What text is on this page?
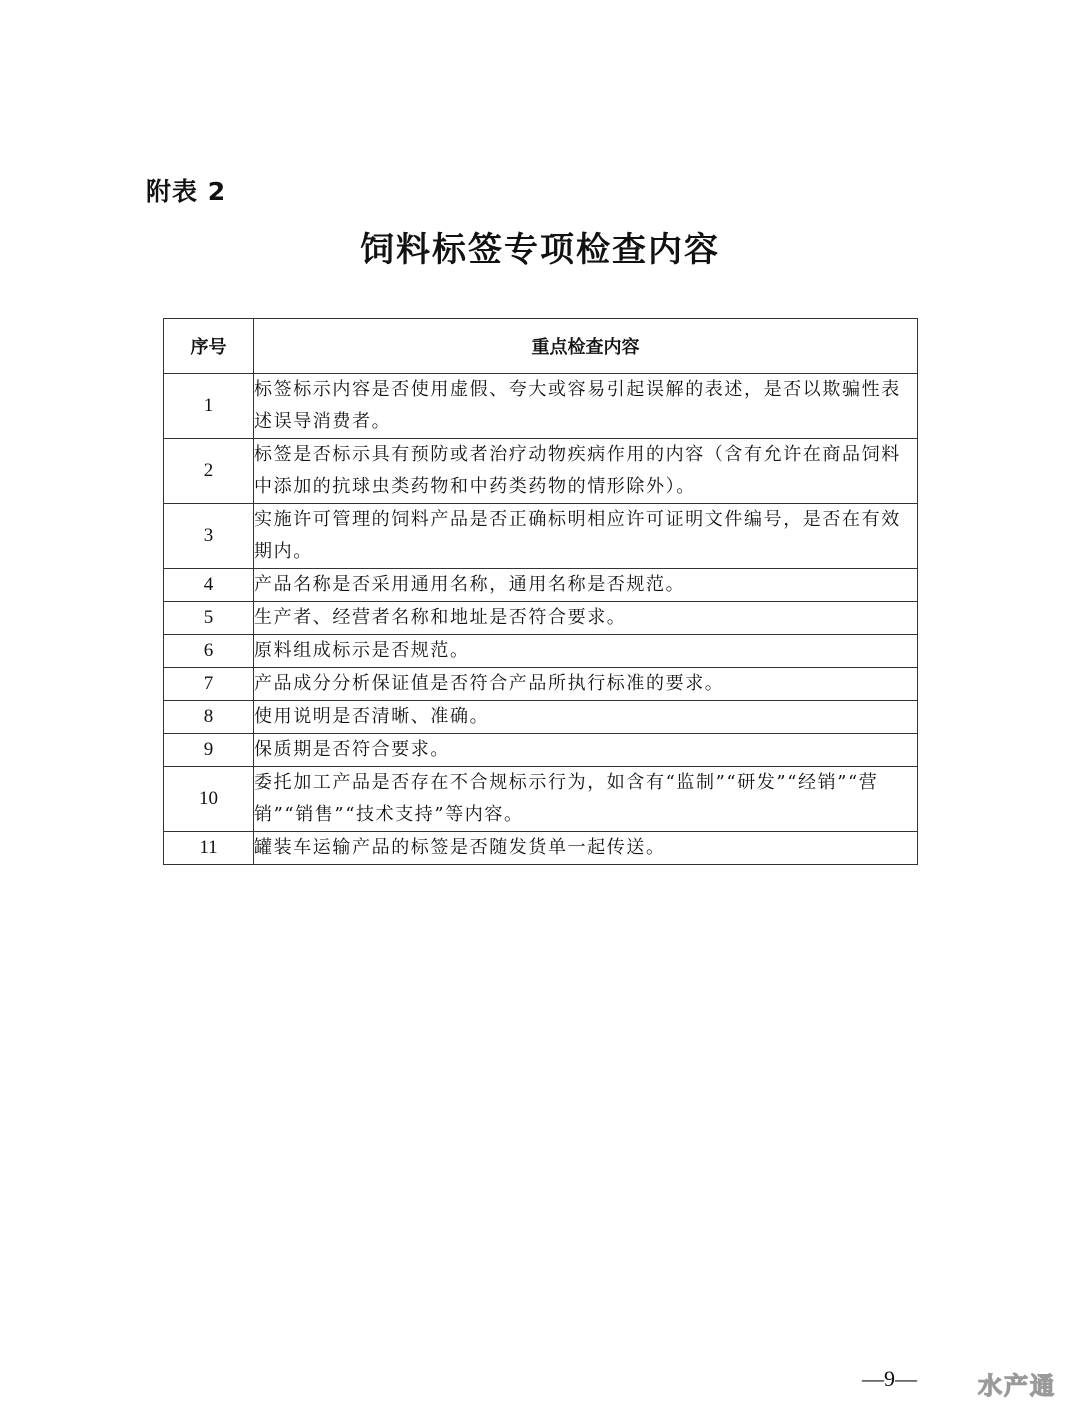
附表 2
饲料标签专项检查内容
序号	重点检查内容
1	标签标示内容是否使用虚假、夸大或容易引起误解的表述，是否以欺骗性表述误导消费者。
2	标签是否标示具有预防或者治疗动物疾病作用的内容（含有允许在商品饲料中添加的抗球虫类药物和中药类药物的情形除外）。
3	实施许可管理的饲料产品是否正确标明相应许可证明文件编号，是否在有效期内。
4	产品名称是否采用通用名称，通用名称是否规范。
5	生产者、经营者名称和地址是否符合要求。
6	原料组成标示是否规范。
7	产品成分分析保证值是否符合产品所执行标准的要求。
8	使用说明是否清晰、准确。
9	保质期是否符合要求。
10	委托加工产品是否存在不合规标示行为，如含有“监制”“研发”“经销”“营销”“销售”“技术支持”等内容。
11	罐装车运输产品的标签是否随发货单一起传送。
—9—	水产通
